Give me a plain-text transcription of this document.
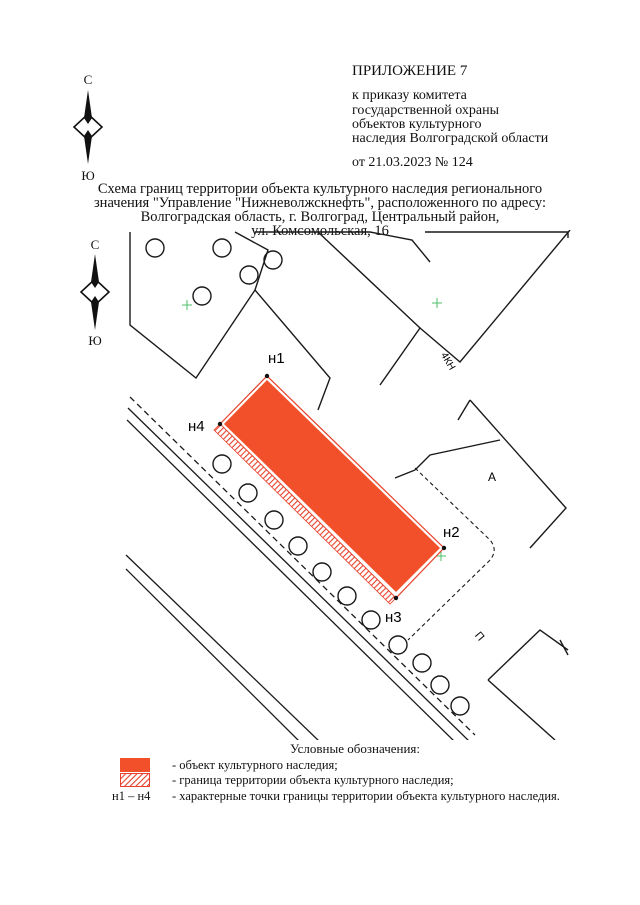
ПРИЛОЖЕНИЕ 7
к приказу комитета
государственной охраны
объектов культурного
наследия Волгоградской области
от 21.03.2023 № 124
С
Ю
Схема границ территории объекта культурного наследия регионального
значения "Управление "Нижневолжскнефть", расположенного по адресу:
Волгоградская область, г. Волгоград, Центральный район,
ул. Комсомольская, 16
С
Ю
н1
н2
н3
н4
4КН
А
П
Условные обозначения:
- объект культурного наследия;
- граница территории объекта культурного наследия;
н1 – н4 - характерные точки границы территории объекта культурного наследия.
